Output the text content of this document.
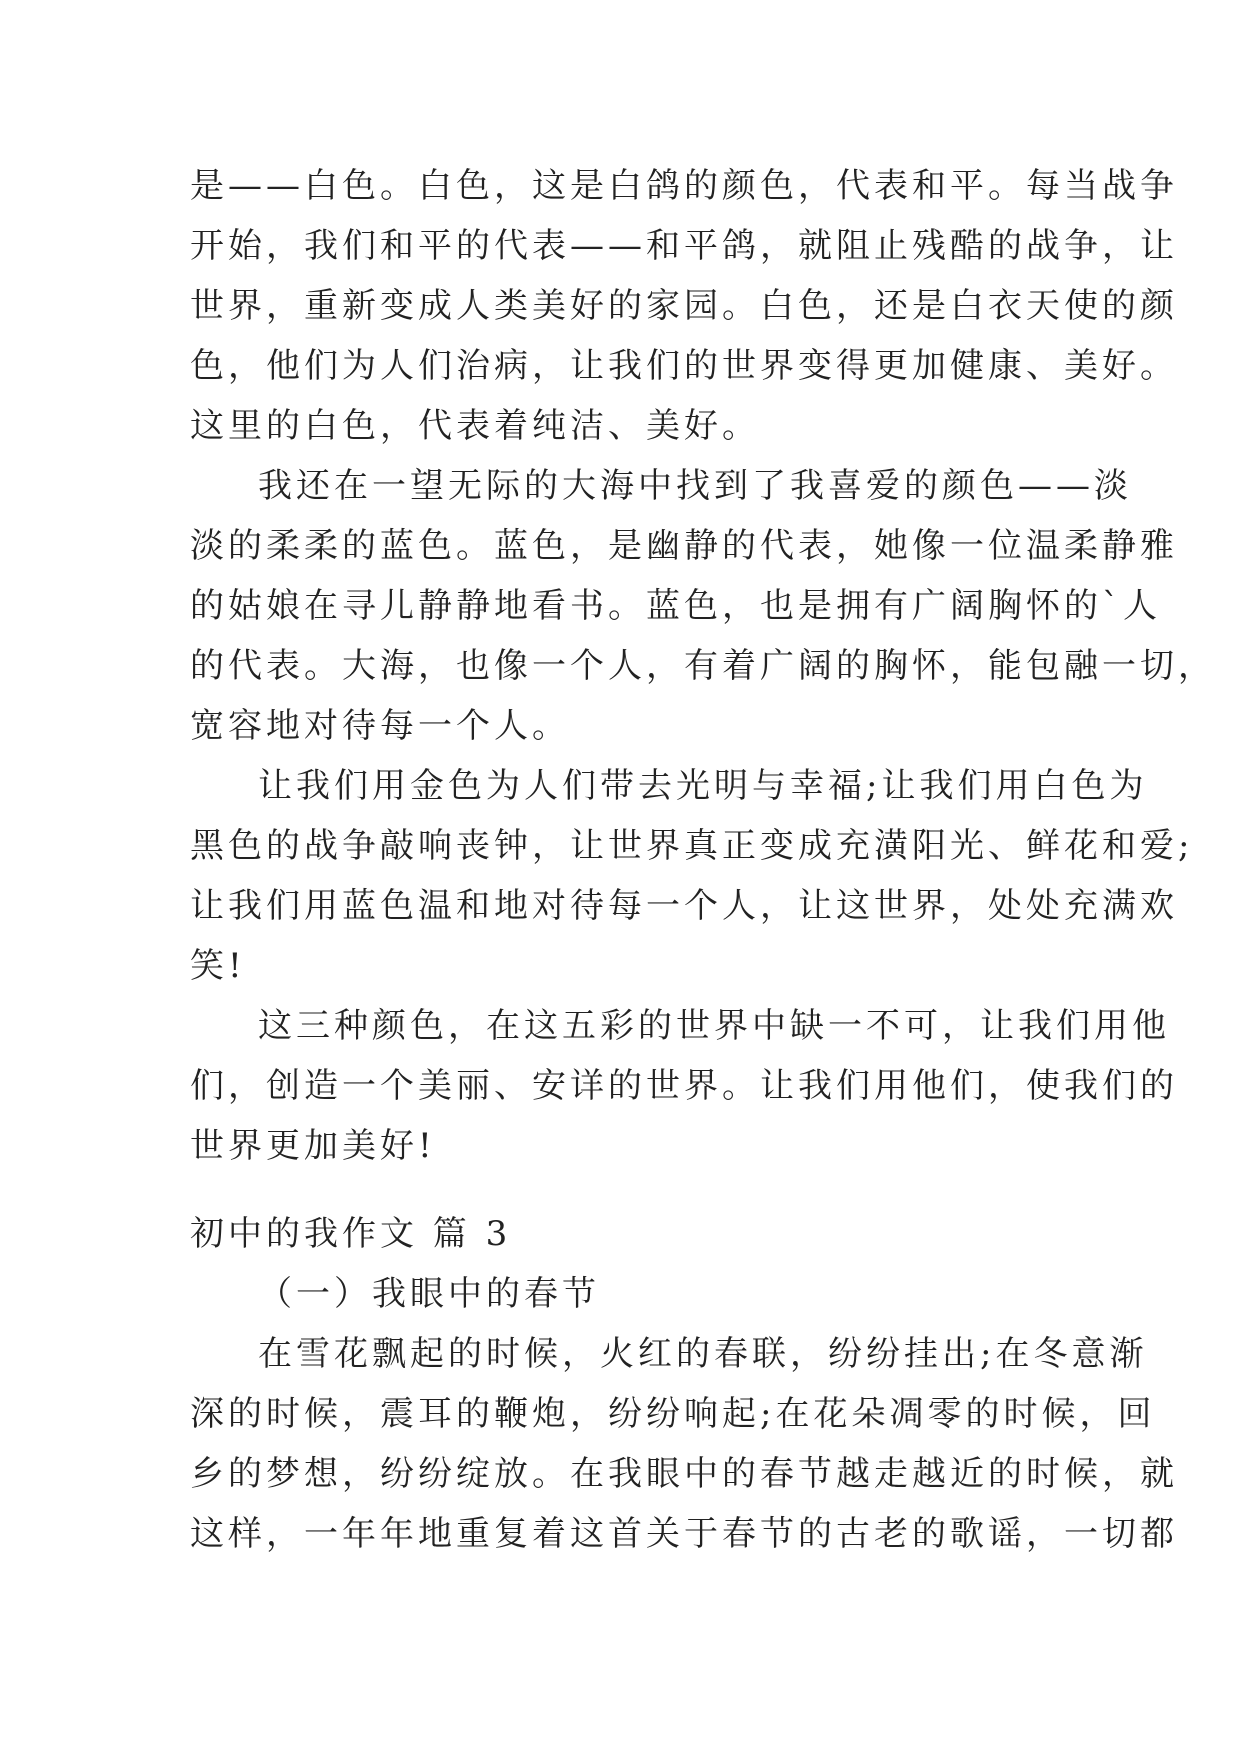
是——白色。白色，这是白鸽的颜色，代表和平。每当战争
开始，我们和平的代表——和平鸽，就阻止残酷的战争，让
世界，重新变成人类美好的家园。白色，还是白衣天使的颜
色，他们为人们治病，让我们的世界变得更加健康、美好。
这里的白色，代表着纯洁、美好。
我还在一望无际的大海中找到了我喜爱的颜色——淡
淡的柔柔的蓝色。蓝色，是幽静的代表，她像一位温柔静雅
的姑娘在寻儿静静地看书。蓝色，也是拥有广阔胸怀的`人
的代表。大海，也像一个人，有着广阔的胸怀，能包融一切，
宽容地对待每一个人。
让我们用金色为人们带去光明与幸福;让我们用白色为
黑色的战争敲响丧钟，让世界真正变成充潢阳光、鲜花和爱;
让我们用蓝色温和地对待每一个人，让这世界，处处充满欢
笑!
这三种颜色，在这五彩的世界中缺一不可，让我们用他
们，创造一个美丽、安详的世界。让我们用他们，使我们的
世界更加美好!
初中的我作文 篇 3
（一）我眼中的春节
在雪花飘起的时候，火红的春联，纷纷挂出;在冬意渐
深的时候，震耳的鞭炮，纷纷响起;在花朵凋零的时候，回
乡的梦想，纷纷绽放。在我眼中的春节越走越近的时候，就
这样，一年年地重复着这首关于春节的古老的歌谣，一切都
